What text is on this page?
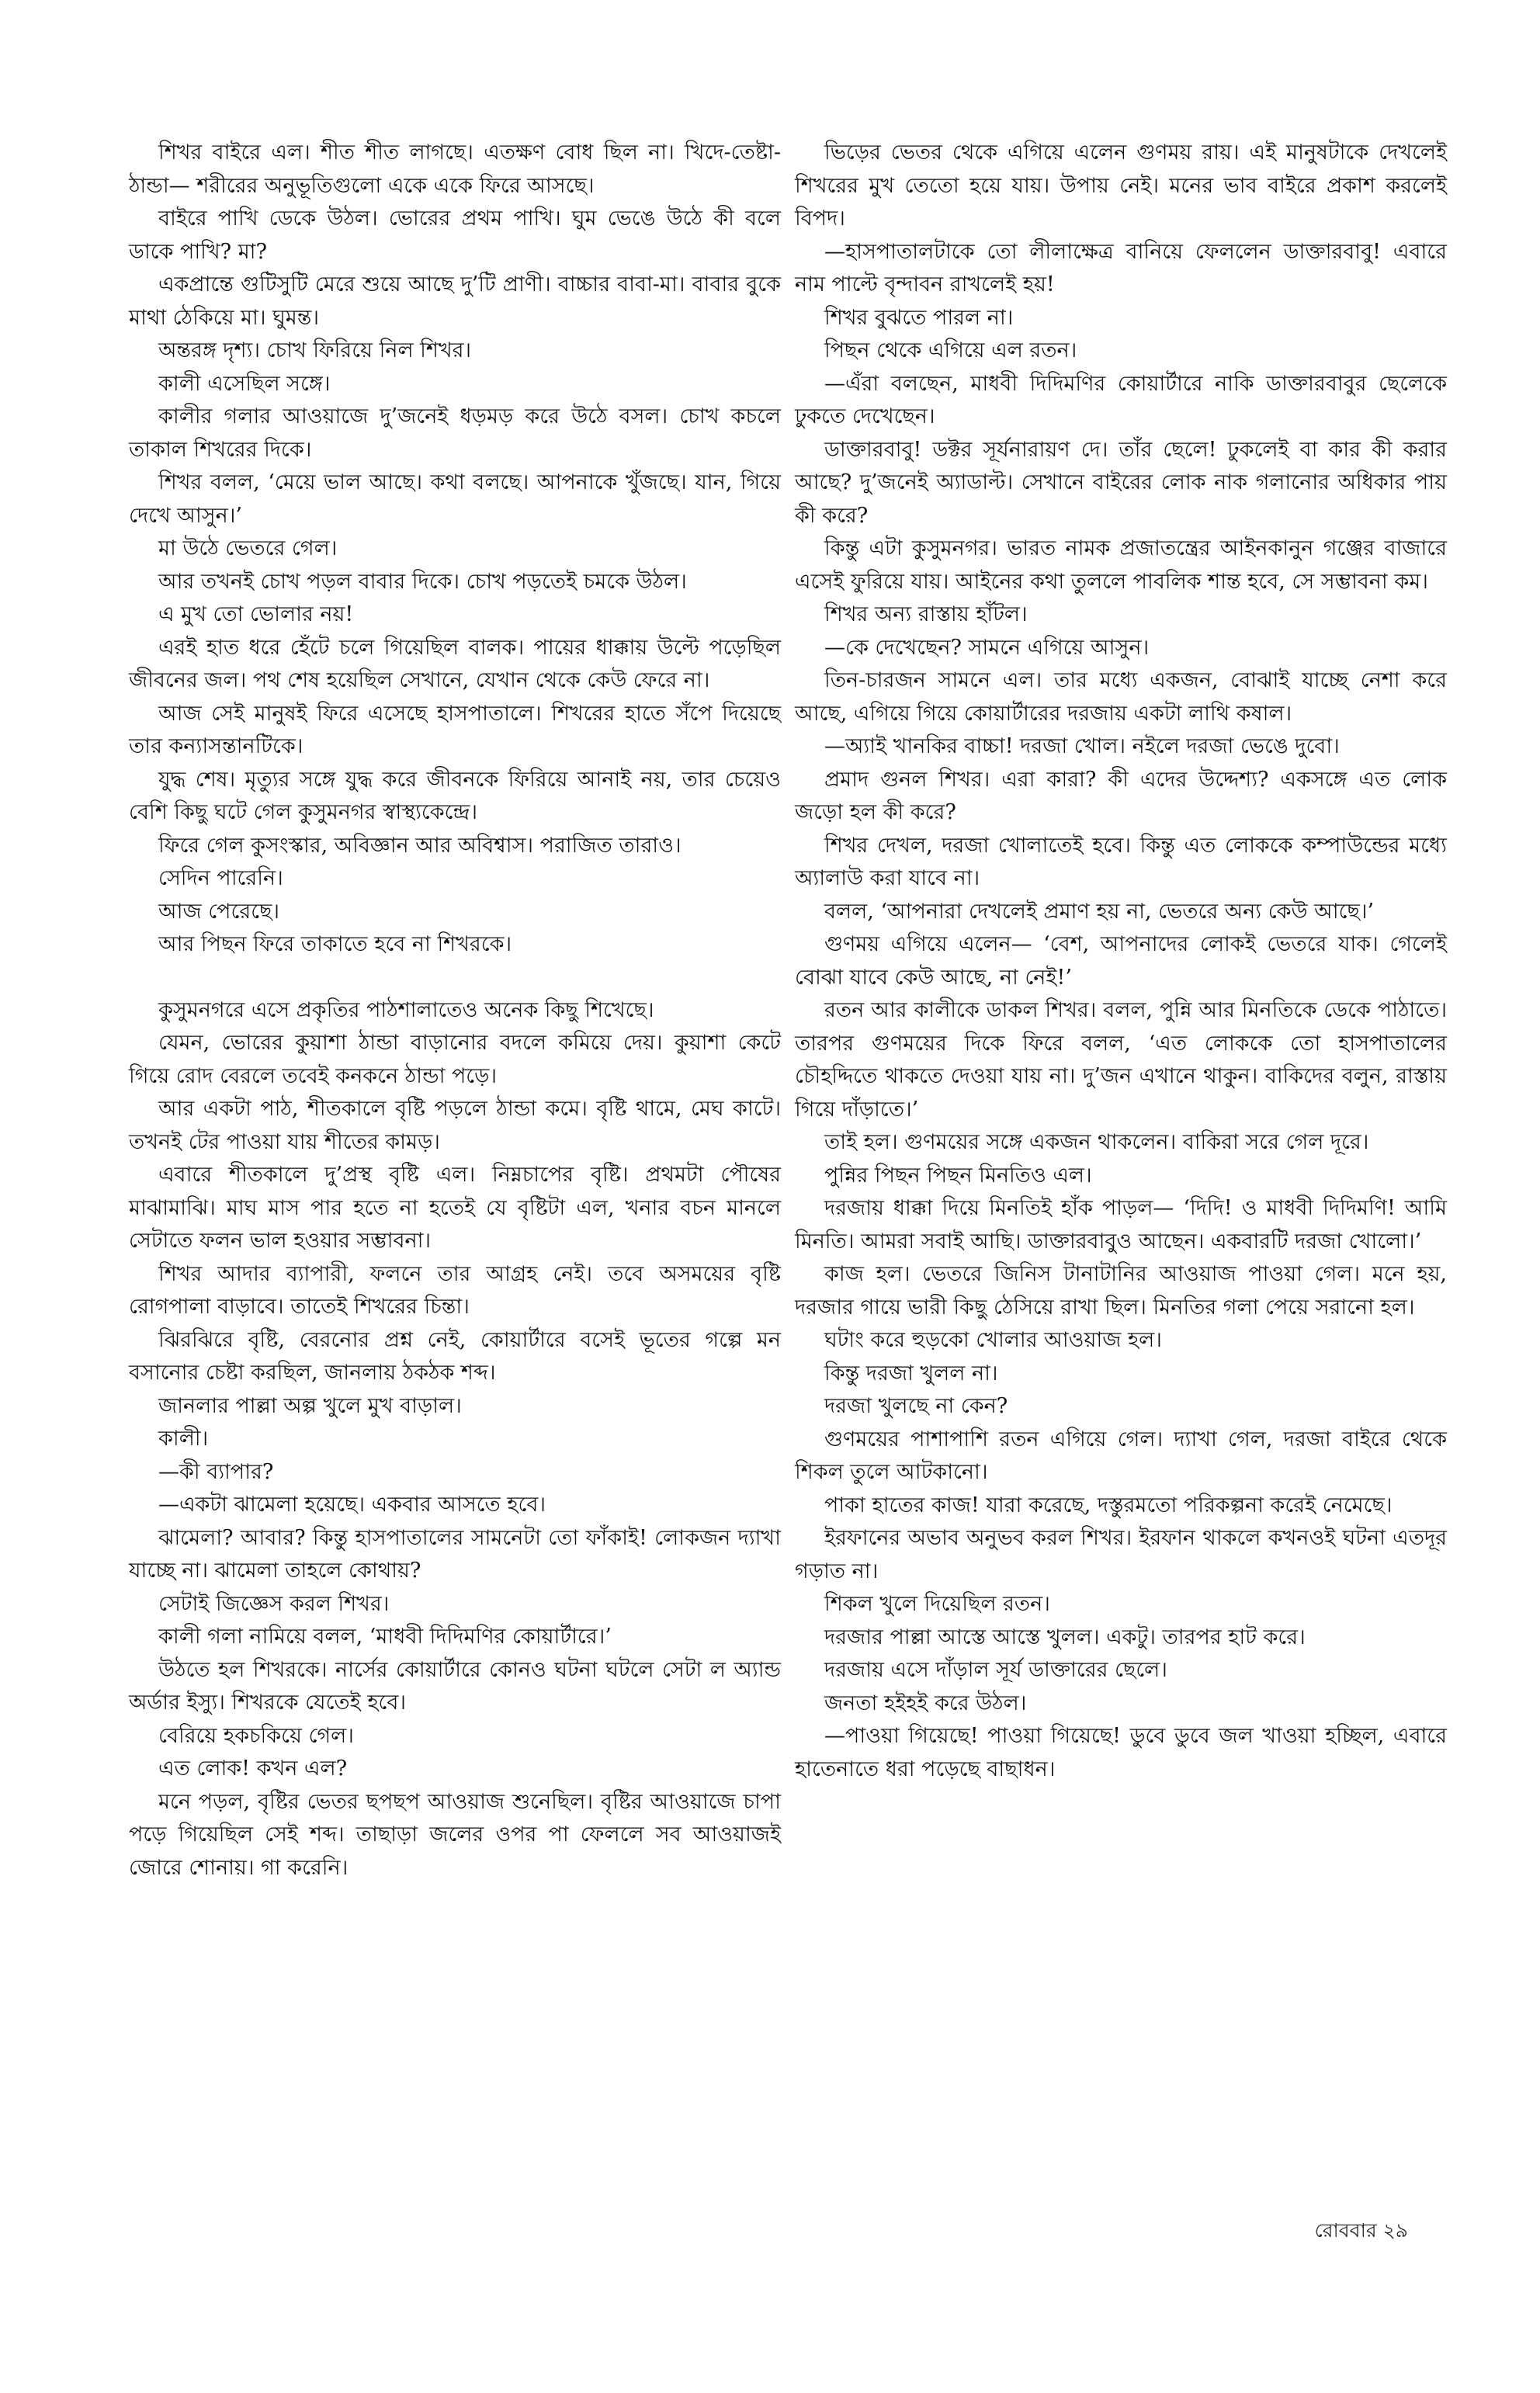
শিখর বাইরে এল। শীত শীত লাগছে। এতক্ষণ বোধ ছিল না। খিদে-তেষ্টা-ঠান্ডা— শরীরের অনুভূতিগুলো একে একে ফিরে আসছে।

বাইরে পাখি ডেকে উঠল। ভোরের প্রথম পাখি। ঘুম ভেঙে উঠে কী বলে ডাকে পাখি? মা?

একপ্রান্তে গুটিসুটি মেরে শুয়ে আছে দু’টি প্রাণী। বাচ্চার বাবা-মা। বাবার বুকে মাথা ঠেকিয়ে মা। ঘুমন্ত।

অন্তরঙ্গ দৃশ্য। চোখ ফিরিয়ে নিল শিখর।

কালী এসেছিল সঙ্গে।

কালীর গলার আওয়াজে দু’জনেই ধড়মড় করে উঠে বসল। চোখ কচলে তাকাল শিখরের দিকে।

শিখর বলল, ‘মেয়ে ভাল আছে। কথা বলছে। আপনাকে খুঁজছে। যান, গিয়ে দেখে আসুন।’

মা উঠে ভেতরে গেল।

আর তখনই চোখ পড়ল বাবার দিকে। চোখ পড়তেই চমকে উঠল।

এ মুখ তো ভোলার নয়!

এরই হাত ধরে হেঁটে চলে গিয়েছিল বালক। পায়ের ধাক্কায় উল্টে পড়েছিল জীবনের জল। পথ শেষ হয়েছিল সেখানে, যেখান থেকে কেউ ফেরে না।

আজ সেই মানুষই ফিরে এসেছে হাসপাতালে। শিখরের হাতে সঁপে দিয়েছে তার কন্যাসন্তানটিকে।

যুদ্ধ শেষ। মৃত্যুর সঙ্গে যুদ্ধ করে জীবনকে ফিরিয়ে আনাই নয়, তার চেয়েও বেশি কিছু ঘটে গেল কুসুমনগর স্বাস্থ্যকেন্দ্রে।

ফিরে গেল কুসংস্কার, অবিজ্ঞান আর অবিশ্বাস। পরাজিত তারাও।

সেদিন পারেনি।

আজ পেরেছে।

আর পিছন ফিরে তাকাতে হবে না শিখরকে।

কুসুমনগরে এসে প্রকৃতির পাঠশালাতেও অনেক কিছু শিখেছে।

যেমন, ভোরের কুয়াশা ঠান্ডা বাড়ানোর বদলে কমিয়ে দেয়। কুয়াশা কেটে গিয়ে রোদ বেরলে তবেই কনকনে ঠান্ডা পড়ে।

আর একটা পাঠ, শীতকালে বৃষ্টি পড়লে ঠান্ডা কমে। বৃষ্টি থামে, মেঘ কাটে। তখনই টের পাওয়া যায় শীতের কামড়।

এবারে শীতকালে দু’প্রস্থ বৃষ্টি এল। নিম্নচাপের বৃষ্টি। প্রথমটা পৌষের মাঝামাঝি। মাঘ মাস পার হতে না হতেই যে বৃষ্টিটা এল, খনার বচন মানলে সেটাতে ফলন ভাল হওয়ার সম্ভাবনা।

শিখর আদার ব্যাপারী, ফলনে তার আগ্রহ নেই। তবে অসময়ের বৃষ্টি রোগপালা বাড়াবে। তাতেই শিখরের চিন্তা।

ঝিরঝিরে বৃষ্টি, বেরনোর প্রশ্ন নেই, কোয়ার্টারে বসেই ভূতের গল্পে মন বসানোর চেষ্টা করছিল, জানলায় ঠকঠক শব্দ।

জানলার পাল্লা অল্প খুলে মুখ বাড়াল।

কালী।

—কী ব্যাপার?

—একটা ঝামেলা হয়েছে। একবার আসতে হবে।

ঝামেলা? আবার? কিন্তু হাসপাতালের সামনেটা তো ফাঁকাই! লোকজন দ্যাখা যাচ্ছে না। ঝামেলা তাহলে কোথায়?

সেটাই জিজ্ঞেস করল শিখর।

কালী গলা নামিয়ে বলল, ‘মাধবী দিদিমণির কোয়ার্টারে।’

উঠতে হল শিখরকে। নার্সের কোয়ার্টারে কোনও ঘটনা ঘটলে সেটা ল অ্যান্ড অর্ডার ইস্যু। শিখরকে যেতেই হবে।

বেরিয়ে হকচকিয়ে গেল।

এত লোক! কখন এল?

মনে পড়ল, বৃষ্টির ভেতর ছপছপ আওয়াজ শুনেছিল। বৃষ্টির আওয়াজে চাপা পড়ে গিয়েছিল সেই শব্দ। তাছাড়া জলের ওপর পা ফেললে সব আওয়াজই জোরে শোনায়। গা করেনি।

ভিড়ের ভেতর থেকে এগিয়ে এলেন গুণময় রায়। এই মানুষটাকে দেখলেই শিখরের মুখ তেতো হয়ে যায়। উপায় নেই। মনের ভাব বাইরে প্রকাশ করলেই বিপদ।

—হাসপাতালটাকে তো লীলাক্ষেত্র বানিয়ে ফেললেন ডাক্তারবাবু! এবারে নাম পাল্টে বৃন্দাবন রাখলেই হয়!

শিখর বুঝতে পারল না।

পিছন থেকে এগিয়ে এল রতন।

—এঁরা বলছেন, মাধবী দিদিমণির কোয়ার্টারে নাকি ডাক্তারবাবুর ছেলেকে ঢুকতে দেখেছেন।

ডাক্তারবাবু! ডক্টর সূর্যনারায়ণ দে। তাঁর ছেলে! ঢুকলেই বা কার কী করার আছে? দু’জনেই অ্যাডাল্ট। সেখানে বাইরের লোক নাক গলানোর অধিকার পায় কী করে?

কিন্তু এটা কুসুমনগর। ভারত নামক প্রজাতন্ত্রের আইনকানুন গঞ্জের বাজারে এসেই ফুরিয়ে যায়। আইনের কথা তুললে পাবলিক শান্ত হবে, সে সম্ভাবনা কম।

শিখর অন্য রাস্তায় হাঁটল।

—কে দেখেছেন? সামনে এগিয়ে আসুন।

তিন-চারজন সামনে এল। তার মধ্যে একজন, বোঝাই যাচ্ছে নেশা করে আছে, এগিয়ে গিয়ে কোয়ার্টারের দরজায় একটা লাথি কষাল।

—অ্যাই খানকির বাচ্চা! দরজা খোল। নইলে দরজা ভেঙে দুবো।

প্রমাদ গুনল শিখর। এরা কারা? কী এদের উদ্দেশ্য? একসঙ্গে এত লোক জড়ো হল কী করে?

শিখর দেখল, দরজা খোলাতেই হবে। কিন্তু এত লোককে কম্পাউন্ডের মধ্যে অ্যালাউ করা যাবে না।

বলল, ‘আপনারা দেখলেই প্রমাণ হয় না, ভেতরে অন্য কেউ আছে।’

গুণময় এগিয়ে এলেন— ‘বেশ, আপনাদের লোকই ভেতরে যাক। গেলেই বোঝা যাবে কেউ আছে, না নেই!’

রতন আর কালীকে ডাকল শিখর। বলল, পুন্নি আর মিনতিকে ডেকে পাঠাতে। তারপর গুণময়ের দিকে ফিরে বলল, ‘এত লোককে তো হাসপাতালের চৌহদ্দিতে থাকতে দেওয়া যায় না। দু’জন এখানে থাকুন। বাকিদের বলুন, রাস্তায় গিয়ে দাঁড়াতে।’

তাই হল। গুণময়ের সঙ্গে একজন থাকলেন। বাকিরা সরে গেল দূরে।

পুন্নির পিছন পিছন মিনতিও এল।

দরজায় ধাক্কা দিয়ে মিনতিই হাঁক পাড়ল— ‘দিদি! ও মাধবী দিদিমণি! আমি মিনতি। আমরা সবাই আছি। ডাক্তারবাবুও আছেন। একবারটি দরজা খোলো।’

কাজ হল। ভেতরে জিনিস টানাটানির আওয়াজ পাওয়া গেল। মনে হয়, দরজার গায়ে ভারী কিছু ঠেসিয়ে রাখা ছিল। মিনতির গলা পেয়ে সরানো হল।

ঘটাং করে হুড়কো খোলার আওয়াজ হল।

কিন্তু দরজা খুলল না।

দরজা খুলছে না কেন?

গুণময়ের পাশাপাশি রতন এগিয়ে গেল। দ্যাখা গেল, দরজা বাইরে থেকে শিকল তুলে আটকানো।

পাকা হাতের কাজ! যারা করেছে, দস্তুরমতো পরিকল্পনা করেই নেমেছে।

ইরফানের অভাব অনুভব করল শিখর। ইরফান থাকলে কখনওই ঘটনা এতদূর গড়াত না।

শিকল খুলে দিয়েছিল রতন।

দরজার পাল্লা আস্তে আস্তে খুলল। একটু। তারপর হাট করে।

দরজায় এসে দাঁড়াল সূর্য ডাক্তারের ছেলে।

জনতা হইহই করে উঠল।

—পাওয়া গিয়েছে! পাওয়া গিয়েছে! ডুবে ডুবে জল খাওয়া হচ্ছিল, এবারে হাতেনাতে ধরা পড়েছে বাছাধন।

রোববার ২৯
